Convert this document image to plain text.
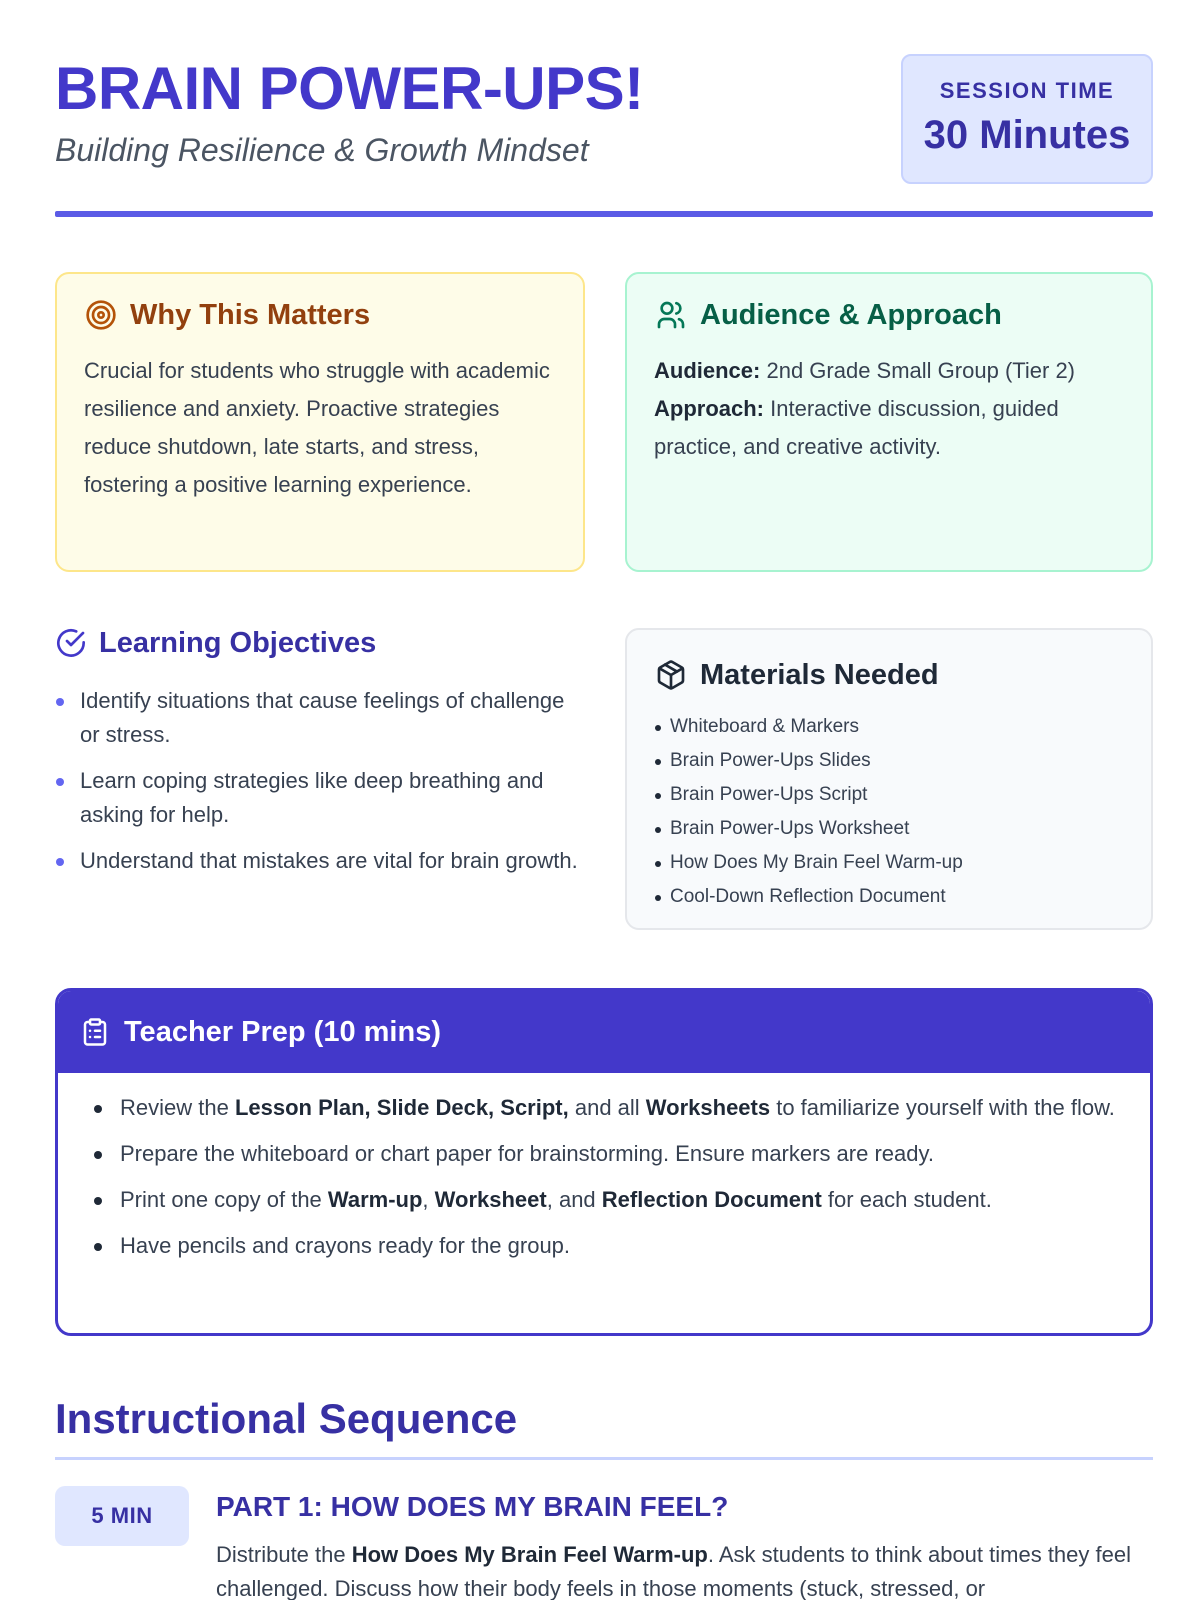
BRAIN POWER-UPS!
Building Resilience & Growth Mindset
SESSION TIME
30 Minutes
Why This Matters

Crucial for students who struggle with academic resilience and anxiety. Proactive strategies reduce shutdown, late starts, and stress, fostering a positive learning experience.

Audience & Approach
Audience: 2nd Grade Small Group (Tier 2)
Approach: Interactive discussion, guided practice, and creative activity.
Learning Objectives
Identify situations that cause feelings of challenge or stress.
Learn coping strategies like deep breathing and asking for help.
Understand that mistakes are vital for brain growth.
Materials Needed
Whiteboard & Markers
Brain Power-Ups Slides
Brain Power-Ups Script
Brain Power-Ups Worksheet
How Does My Brain Feel Warm-up
Cool-Down Reflection Document
Teacher Prep (10 mins)
Review the Lesson Plan, Slide Deck, Script, and all Worksheets to familiarize yourself with the flow.
Prepare the whiteboard or chart paper for brainstorming. Ensure markers are ready.
Print one copy of the Warm-up, Worksheet, and Reflection Document for each student.
Have pencils and crayons ready for the group.
Instructional Sequence
5 MIN	PART 1: HOW DOES MY BRAIN FEEL?

Distribute the How Does My Brain Feel Warm-up. Ask students to think about times they feel challenged. Discuss how their body feels in those moments (stuck, stressed, or
